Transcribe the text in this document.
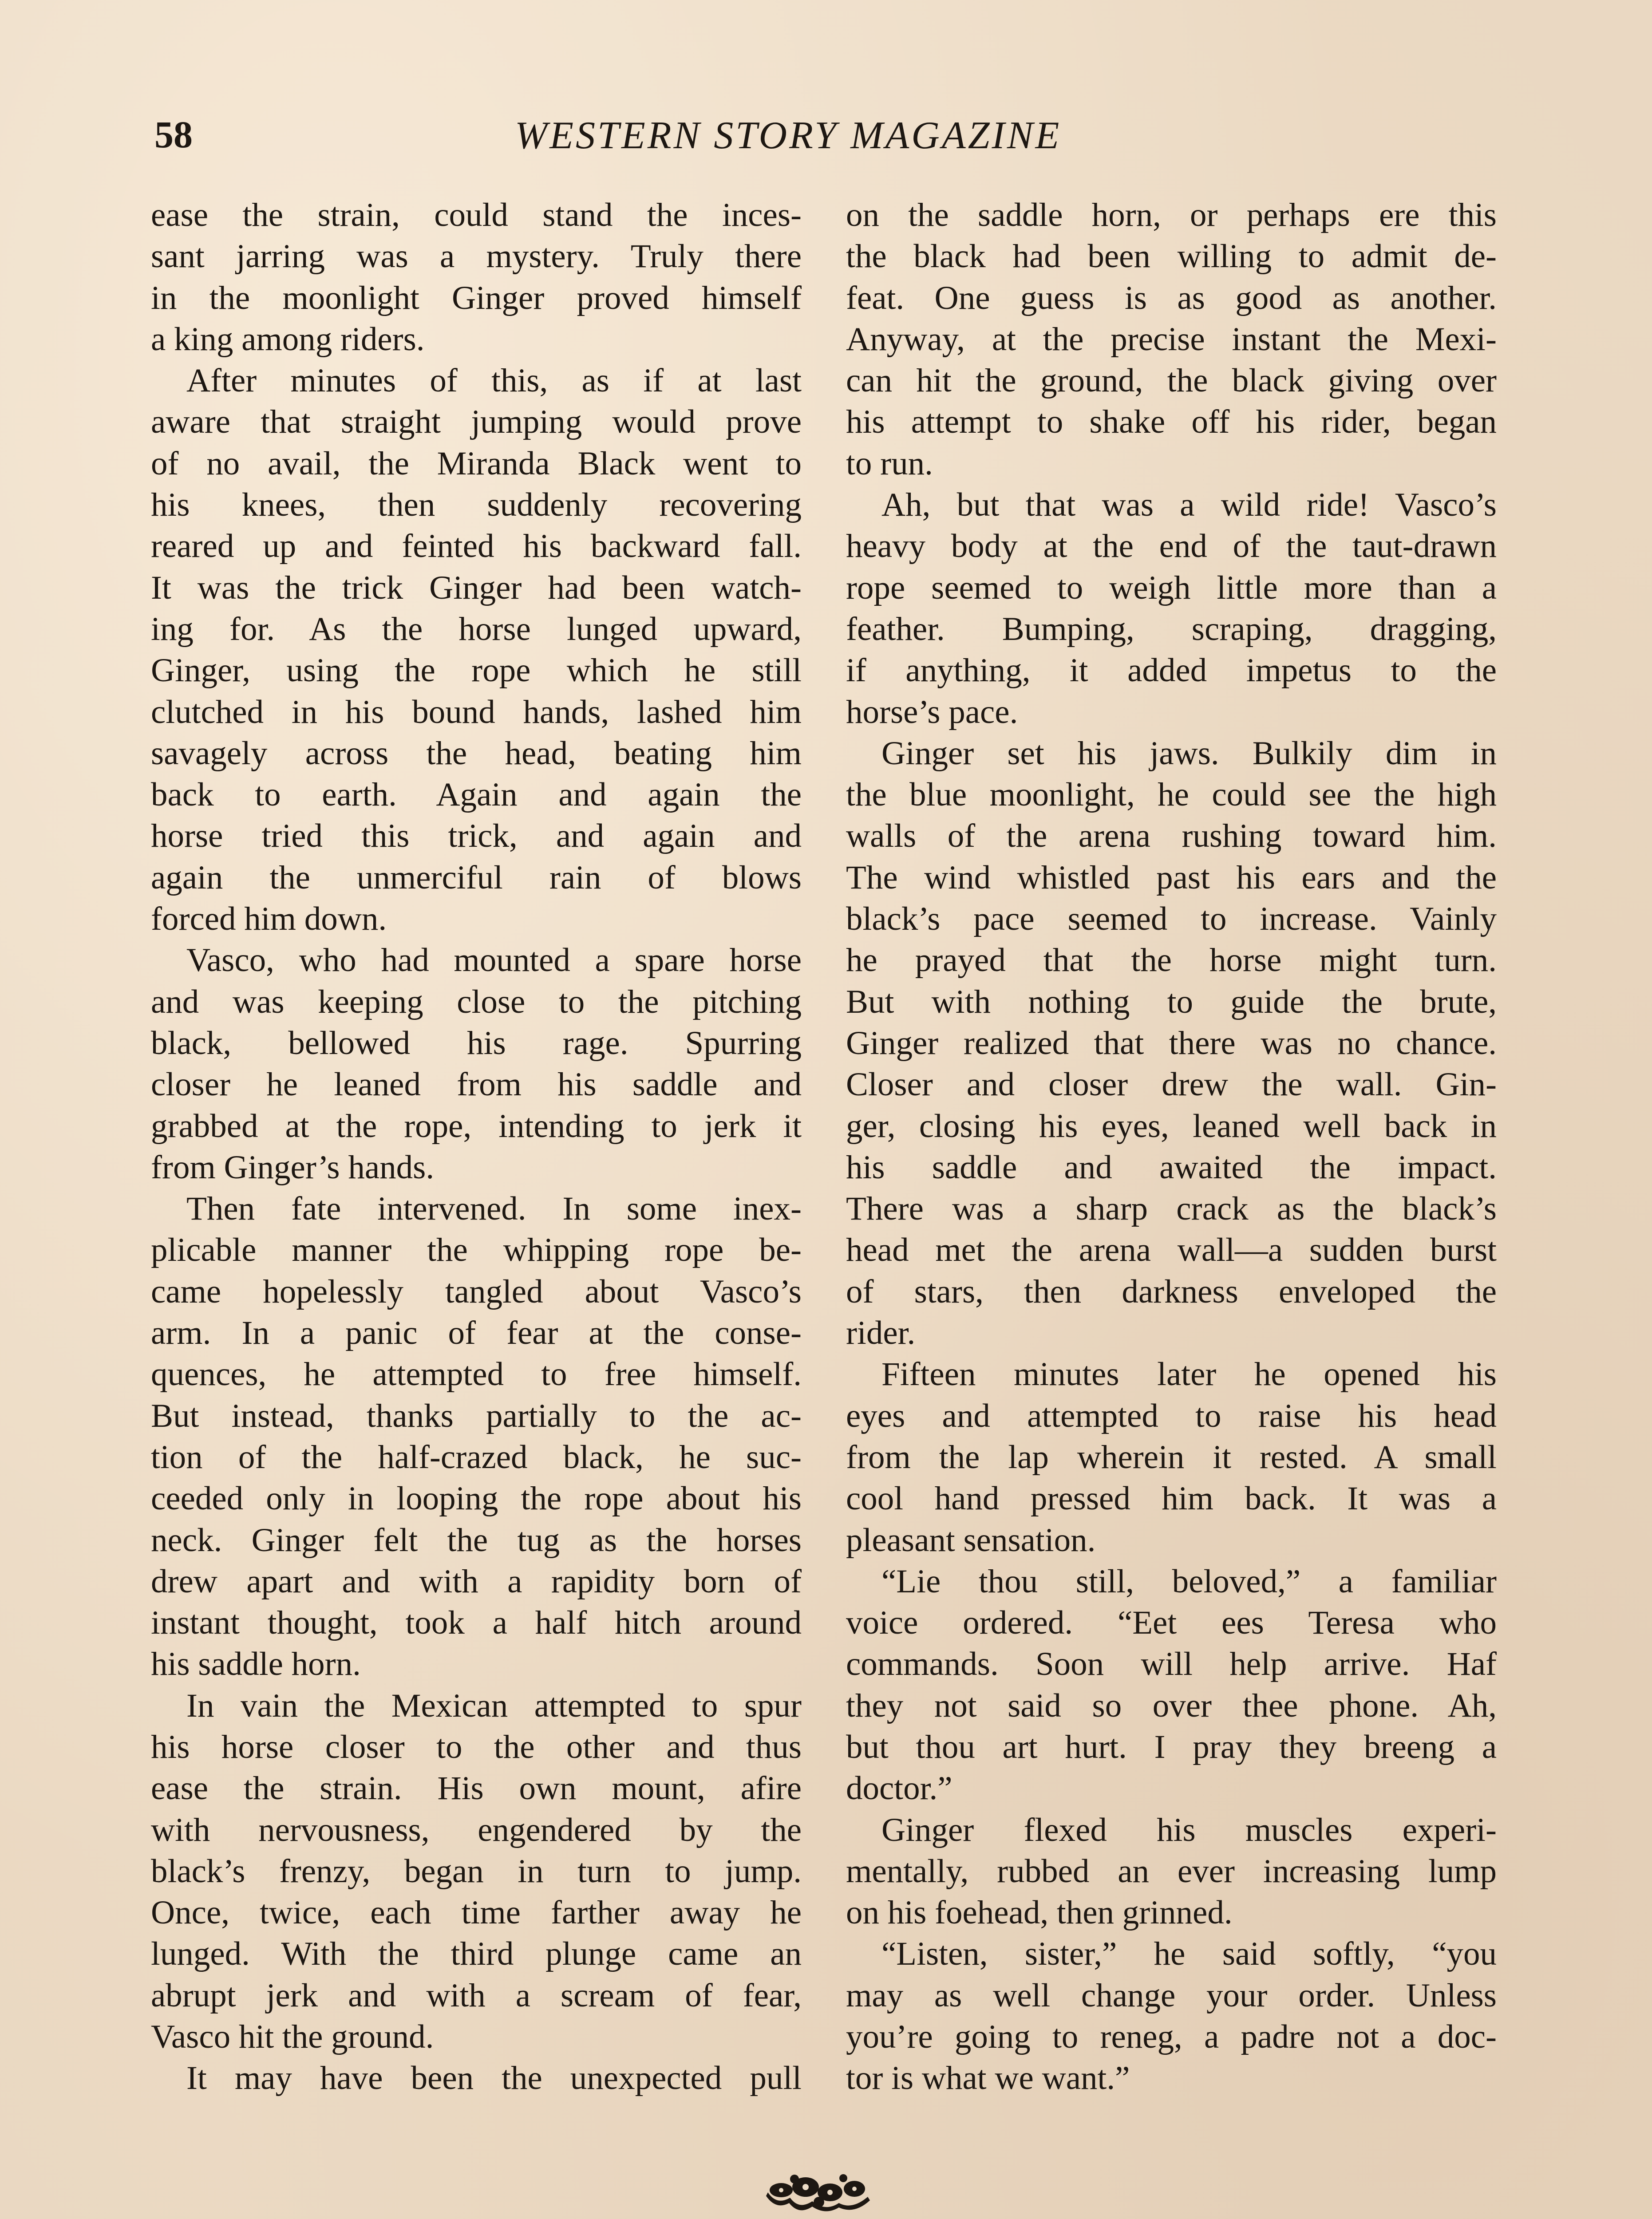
58	WESTERN STORY MAGAZINE
ease the strain, could stand the inces-
sant jarring was a mystery. Truly there
in the moonlight Ginger proved himself
a king among riders.
After minutes of this, as if at last
aware that straight jumping would prove
of no avail, the Miranda Black went to
his knees, then suddenly recovering
reared up and feinted his backward fall.
It was the trick Ginger had been watch-
ing for. As the horse lunged upward,
Ginger, using the rope which he still
clutched in his bound hands, lashed him
savagely across the head, beating him
back to earth. Again and again the
horse tried this trick, and again and
again the unmerciful rain of blows
forced him down.
Vasco, who had mounted a spare horse
and was keeping close to the pitching
black, bellowed his rage. Spurring
closer he leaned from his saddle and
grabbed at the rope, intending to jerk it
from Ginger’s hands.
Then fate intervened. In some inex-
plicable manner the whipping rope be-
came hopelessly tangled about Vasco’s
arm. In a panic of fear at the conse-
quences, he attempted to free himself.
But instead, thanks partially to the ac-
tion of the half-crazed black, he suc-
ceeded only in looping the rope about his
neck. Ginger felt the tug as the horses
drew apart and with a rapidity born of
instant thought, took a half hitch around
his saddle horn.
In vain the Mexican attempted to spur
his horse closer to the other and thus
ease the strain. His own mount, afire
with nervousness, engendered by the
black’s frenzy, began in turn to jump.
Once, twice, each time farther away he
lunged. With the third plunge came an
abrupt jerk and with a scream of fear,
Vasco hit the ground.
It may have been the unexpected pull
on the saddle horn, or perhaps ere this
the black had been willing to admit de-
feat. One guess is as good as another.
Anyway, at the precise instant the Mexi-
can hit the ground, the black giving over
his attempt to shake off his rider, began
to run.
Ah, but that was a wild ride! Vasco’s
heavy body at the end of the taut-drawn
rope seemed to weigh little more than a
feather. Bumping, scraping, dragging,
if anything, it added impetus to the
horse’s pace.
Ginger set his jaws. Bulkily dim in
the blue moonlight, he could see the high
walls of the arena rushing toward him.
The wind whistled past his ears and the
black’s pace seemed to increase. Vainly
he prayed that the horse might turn.
But with nothing to guide the brute,
Ginger realized that there was no chance.
Closer and closer drew the wall. Gin-
ger, closing his eyes, leaned well back in
his saddle and awaited the impact.
There was a sharp crack as the black’s
head met the arena wall—a sudden burst
of stars, then darkness enveloped the
rider.
Fifteen minutes later he opened his
eyes and attempted to raise his head
from the lap wherein it rested. A small
cool hand pressed him back. It was a
pleasant sensation.
“Lie thou still, beloved,” a familiar
voice ordered. “Eet ees Teresa who
commands. Soon will help arrive. Haf
they not said so over thee phone. Ah,
but thou art hurt. I pray they breeng a
doctor.”
Ginger flexed his muscles experi-
mentally, rubbed an ever increasing lump
on his foehead, then grinned.
“Listen, sister,” he said softly, “you
may as well change your order. Unless
you’re going to reneg, a padre not a doc-
tor is what we want.”
